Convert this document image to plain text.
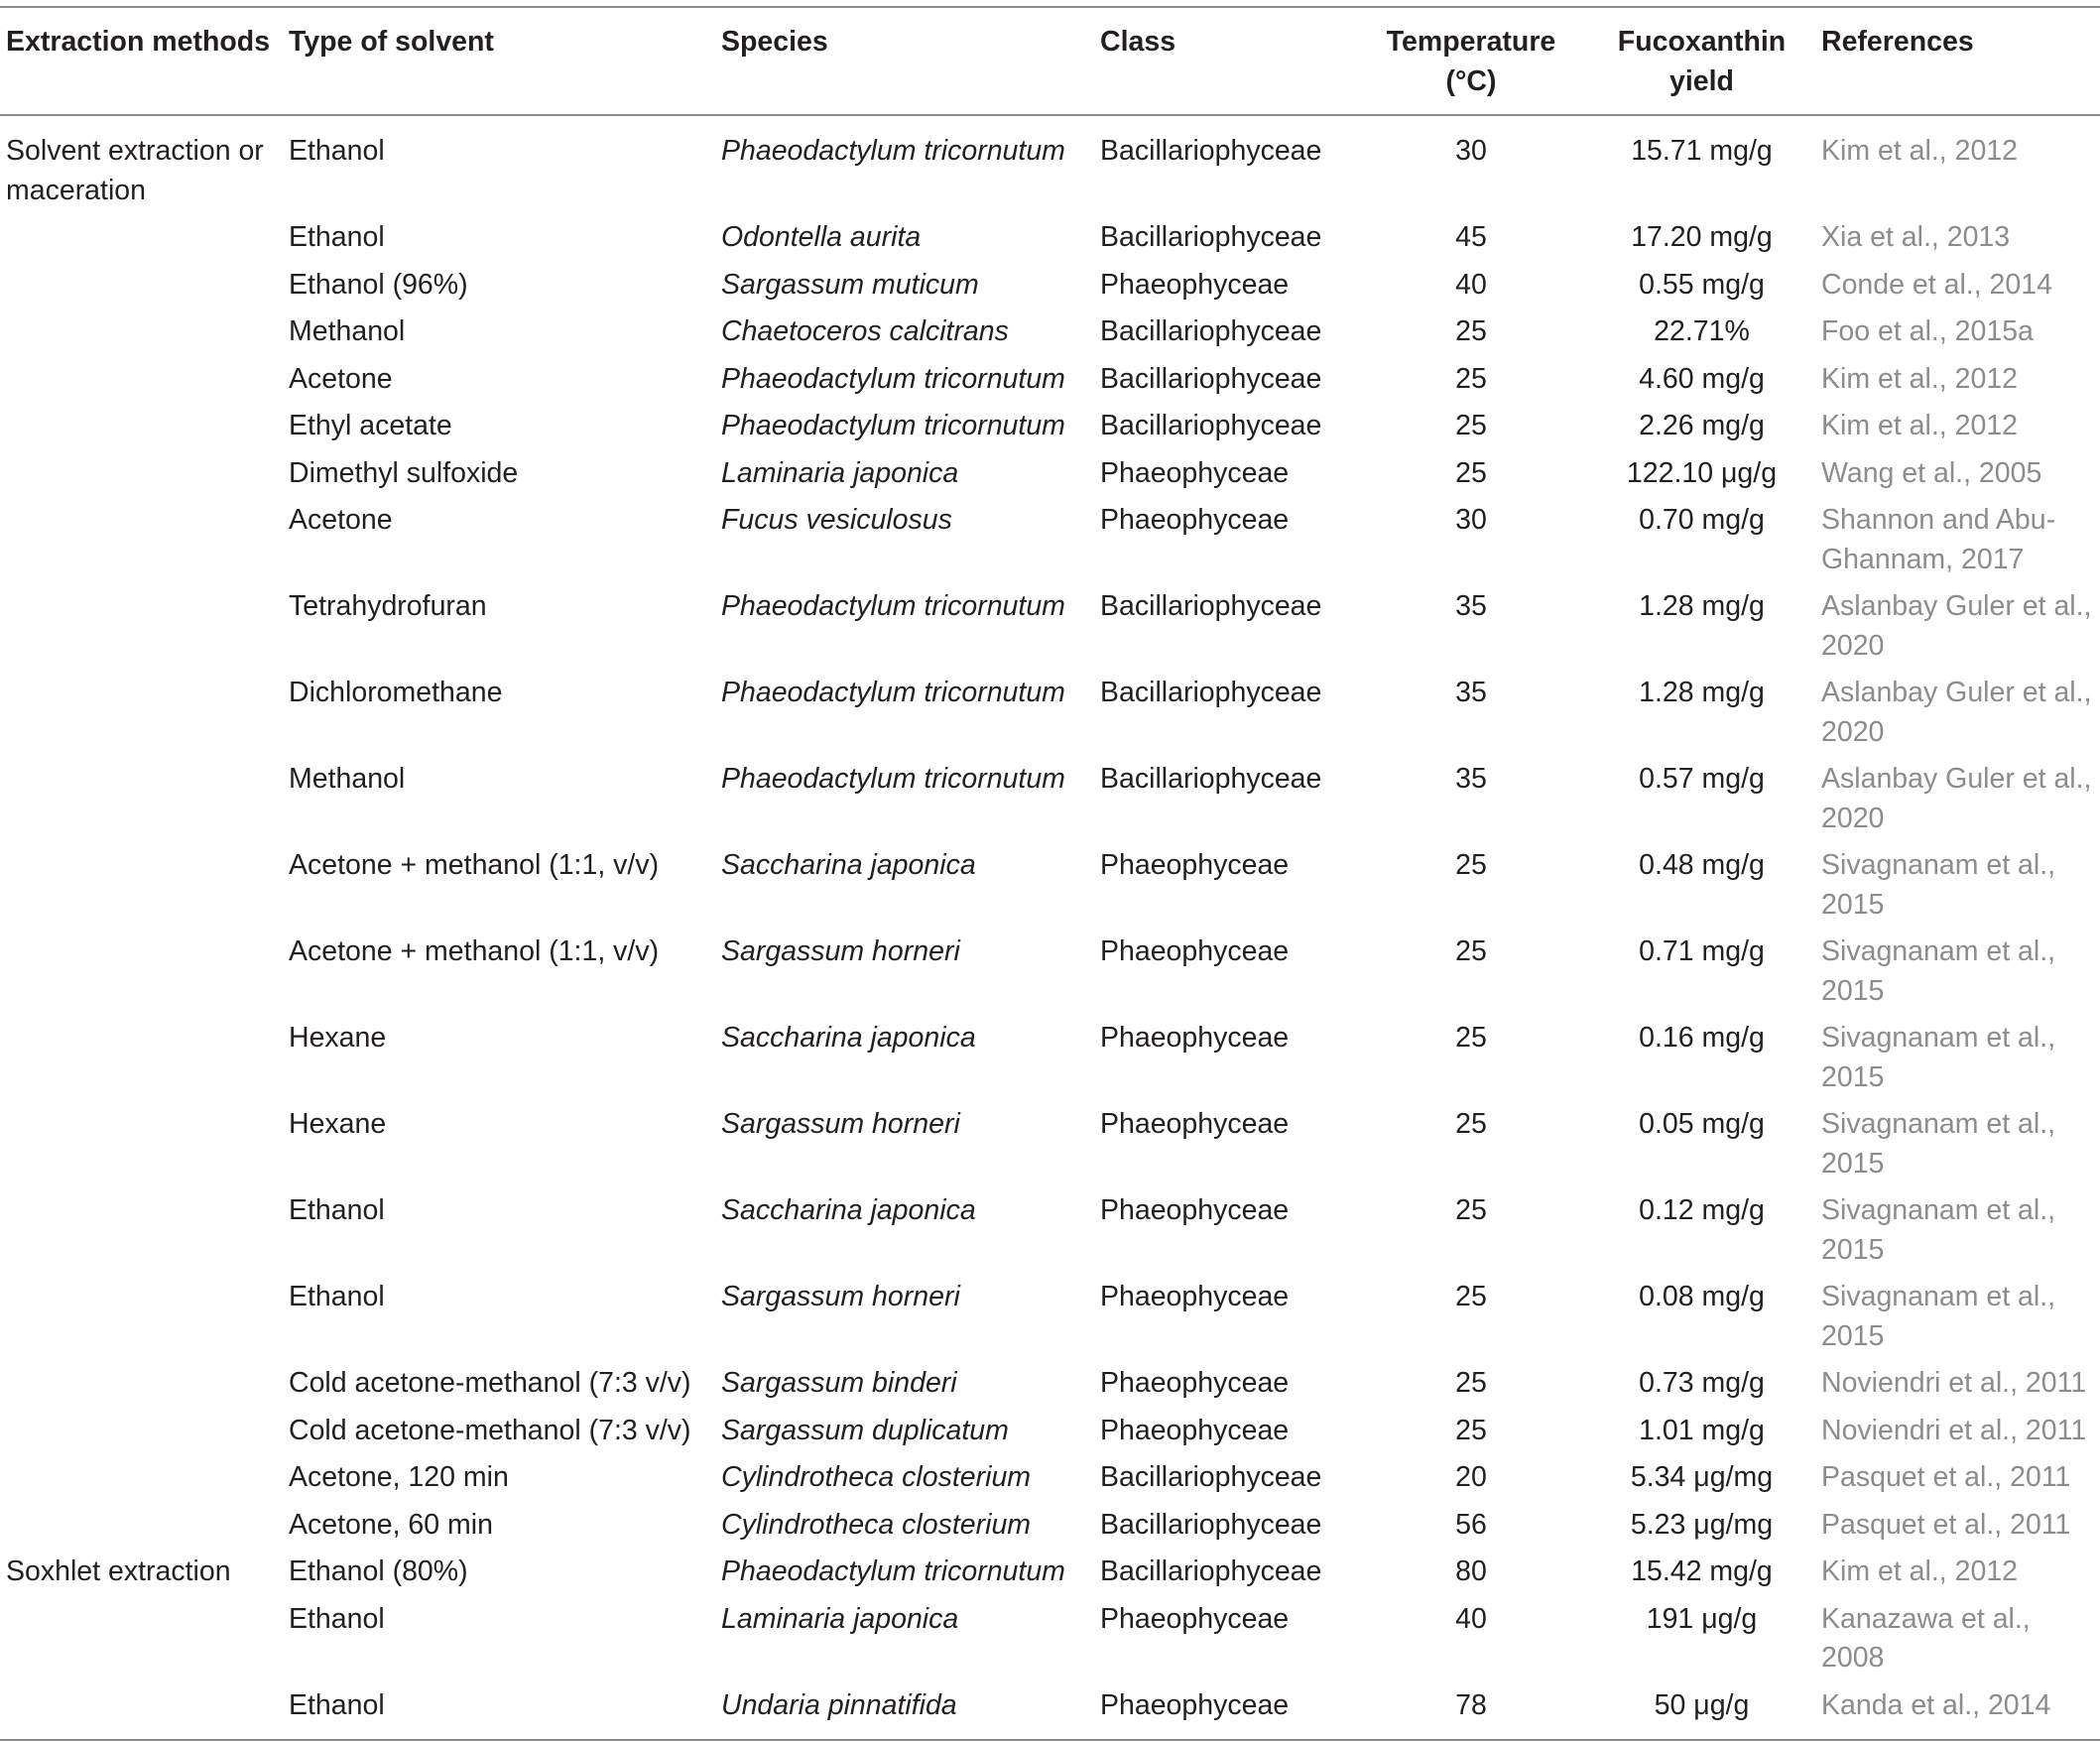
Extraction methods	Type of solvent	Species	Class	Temperature (°C)	Fucoxanthin yield	References
Solvent extraction or maceration	Ethanol	Phaeodactylum tricornutum	Bacillariophyceae	30	15.71 mg/g	Kim et al., 2012
	Ethanol	Odontella aurita	Bacillariophyceae	45	17.20 mg/g	Xia et al., 2013
	Ethanol (96%)	Sargassum muticum	Phaeophyceae	40	0.55 mg/g	Conde et al., 2014
	Methanol	Chaetoceros calcitrans	Bacillariophyceae	25	22.71%	Foo et al., 2015a
	Acetone	Phaeodactylum tricornutum	Bacillariophyceae	25	4.60 mg/g	Kim et al., 2012
	Ethyl acetate	Phaeodactylum tricornutum	Bacillariophyceae	25	2.26 mg/g	Kim et al., 2012
	Dimethyl sulfoxide	Laminaria japonica	Phaeophyceae	25	122.10 μg/g	Wang et al., 2005
	Acetone	Fucus vesiculosus	Phaeophyceae	30	0.70 mg/g	Shannon and Abu-Ghannam, 2017
	Tetrahydrofuran	Phaeodactylum tricornutum	Bacillariophyceae	35	1.28 mg/g	Aslanbay Guler et al., 2020
	Dichloromethane	Phaeodactylum tricornutum	Bacillariophyceae	35	1.28 mg/g	Aslanbay Guler et al., 2020
	Methanol	Phaeodactylum tricornutum	Bacillariophyceae	35	0.57 mg/g	Aslanbay Guler et al., 2020
	Acetone + methanol (1:1, v/v)	Saccharina japonica	Phaeophyceae	25	0.48 mg/g	Sivagnanam et al., 2015
	Acetone + methanol (1:1, v/v)	Sargassum horneri	Phaeophyceae	25	0.71 mg/g	Sivagnanam et al., 2015
	Hexane	Saccharina japonica	Phaeophyceae	25	0.16 mg/g	Sivagnanam et al., 2015
	Hexane	Sargassum horneri	Phaeophyceae	25	0.05 mg/g	Sivagnanam et al., 2015
	Ethanol	Saccharina japonica	Phaeophyceae	25	0.12 mg/g	Sivagnanam et al., 2015
	Ethanol	Sargassum horneri	Phaeophyceae	25	0.08 mg/g	Sivagnanam et al., 2015
	Cold acetone-methanol (7:3 v/v)	Sargassum binderi	Phaeophyceae	25	0.73 mg/g	Noviendri et al., 2011
	Cold acetone-methanol (7:3 v/v)	Sargassum duplicatum	Phaeophyceae	25	1.01 mg/g	Noviendri et al., 2011
	Acetone, 120 min	Cylindrotheca closterium	Bacillariophyceae	20	5.34 μg/mg	Pasquet et al., 2011
	Acetone, 60 min	Cylindrotheca closterium	Bacillariophyceae	56	5.23 μg/mg	Pasquet et al., 2011
Soxhlet extraction	Ethanol (80%)	Phaeodactylum tricornutum	Bacillariophyceae	80	15.42 mg/g	Kim et al., 2012
	Ethanol	Laminaria japonica	Phaeophyceae	40	191 μg/g	Kanazawa et al., 2008
	Ethanol	Undaria pinnatifida	Phaeophyceae	78	50 μg/g	Kanda et al., 2014
